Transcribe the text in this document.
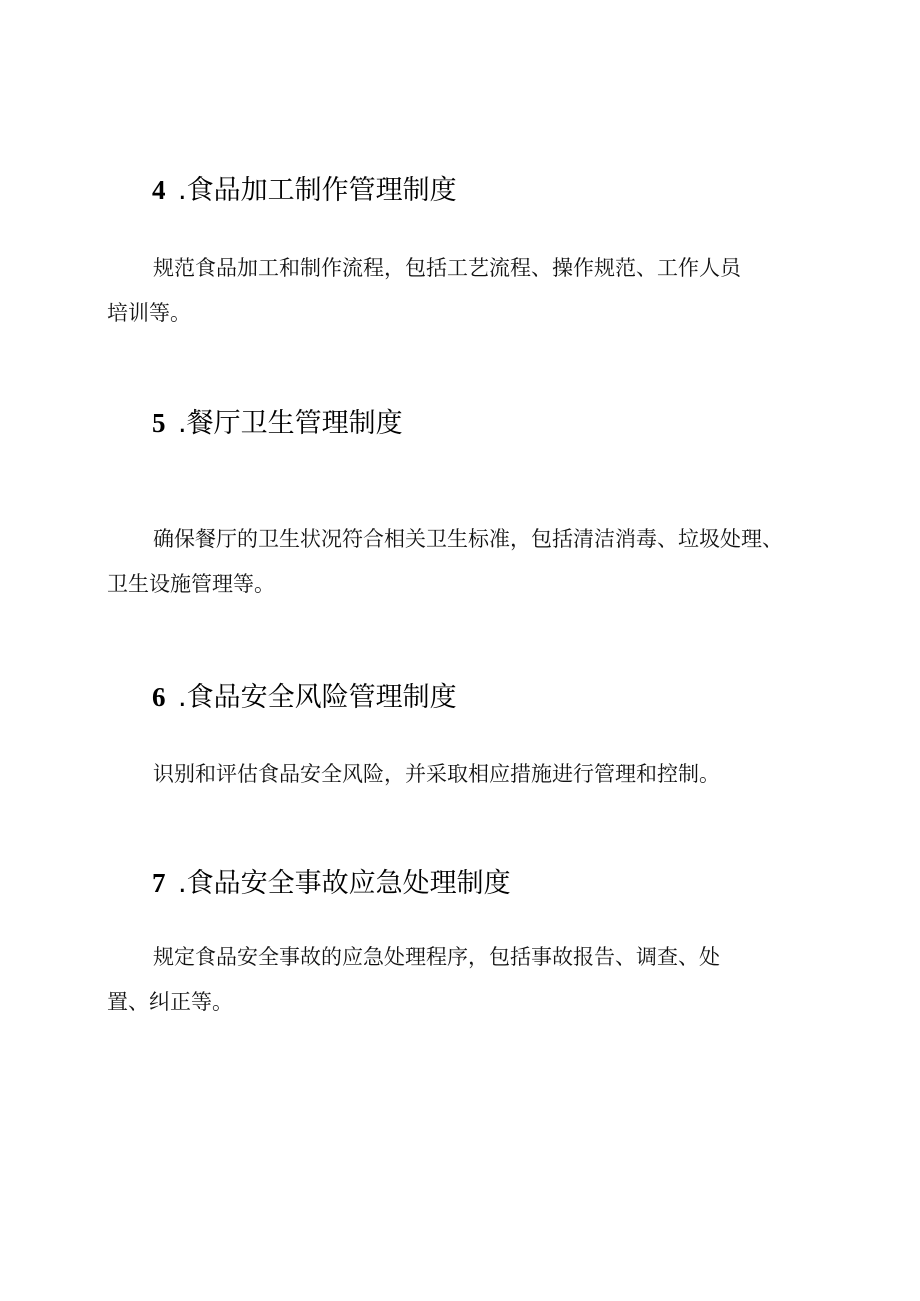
4 .食品加工制作管理制度
规范食品加工和制作流程，包括工艺流程、操作规范、工作人员
培训等。
5 .餐厅卫生管理制度
确保餐厅的卫生状况符合相关卫生标准，包括清洁消毒、垃圾处理、
卫生设施管理等。
6 .食品安全风险管理制度
识别和评估食品安全风险，并采取相应措施进行管理和控制。
7 .食品安全事故应急处理制度
规定食品安全事故的应急处理程序，包括事故报告、调查、处
置、纠正等。
